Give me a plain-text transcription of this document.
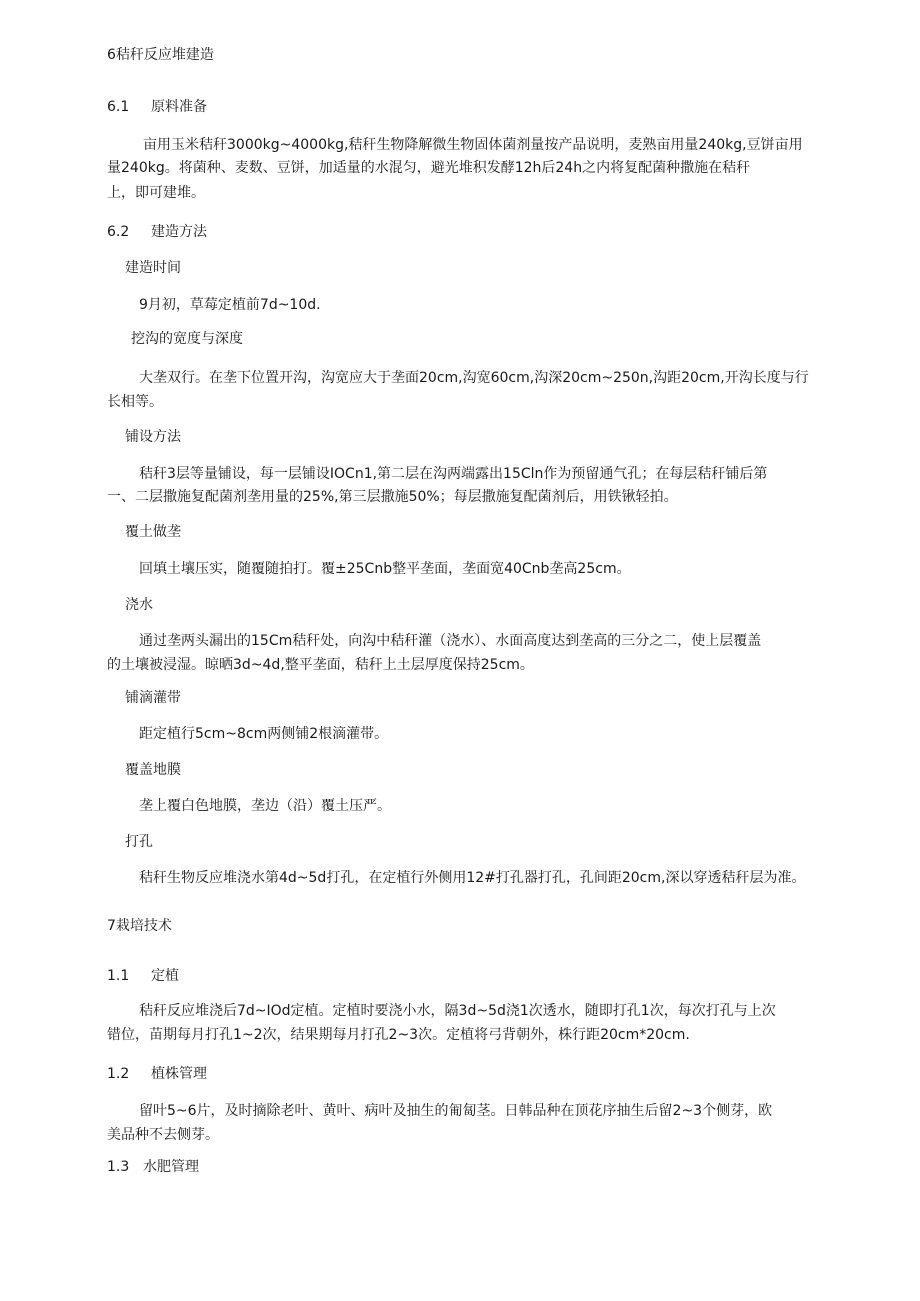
6秸秆反应堆建造
6.1 原料准备
亩用玉米秸秆3000kg~4000kg,秸秆生物降解微生物固体菌剂量按产品说明，麦熟亩用量240kg,豆饼亩用
量240kg。将菌种、麦数、豆饼，加适量的水混匀，避光堆积发酵12h后24h之内将复配菌种撒施在秸秆
上，即可建堆。
6.2 建造方法
建造时间
9月初，草莓定植前7d~10d.
挖沟的宽度与深度
大垄双行。在垄下位置开沟，沟宽应大于垄面20cm,沟宽60cm,沟深20cm~250n,沟距20cm,开沟长度与行
长相等。
铺设方法
秸秆3层等量铺设，每一层铺设IOCn1,第二层在沟两端露出15Cln作为预留通气孔；在每层秸秆铺后第
一、二层撒施复配菌剂垄用量的25%,第三层撒施50%；每层撒施复配菌剂后，用铁锹轻拍。
覆土做垄
回填土壤压实，随覆随拍打。覆±25Cnb整平垄面，垄面宽40Cnb垄高25cm。
浇水
通过垄两头漏出的15Cm秸秆处，向沟中秸秆灌（浇水）、水面高度达到垄高的三分之二，使上层覆盖
的土壤被浸湿。晾晒3d~4d,整平垄面，秸秆上土层厚度保持25cm。
铺滴灌带
距定植行5cm~8cm两侧铺2根滴灌带。
覆盖地膜
垄上覆白色地膜，垄边（沿）覆土压严。
打孔
秸秆生物反应堆浇水第4d~5d打孔，在定植行外侧用12#打孔器打孔，孔间距20cm,深以穿透秸秆层为准。
7栽培技术
1.1 定植
秸秆反应堆浇后7d~IOd定植。定植时要浇小水，隔3d~5d浇1次透水，随即打孔1次，每次打孔与上次
错位，苗期每月打孔1~2次，结果期每月打孔2~3次。定植将弓背朝外，株行距20cm*20cm.
1.2 植株管理
留叶5~6片，及时摘除老叶、黄叶、病叶及抽生的匍匐茎。日韩品种在顶花序抽生后留2~3个侧芽，欧
美品种不去侧芽。
1.3 水肥管理
